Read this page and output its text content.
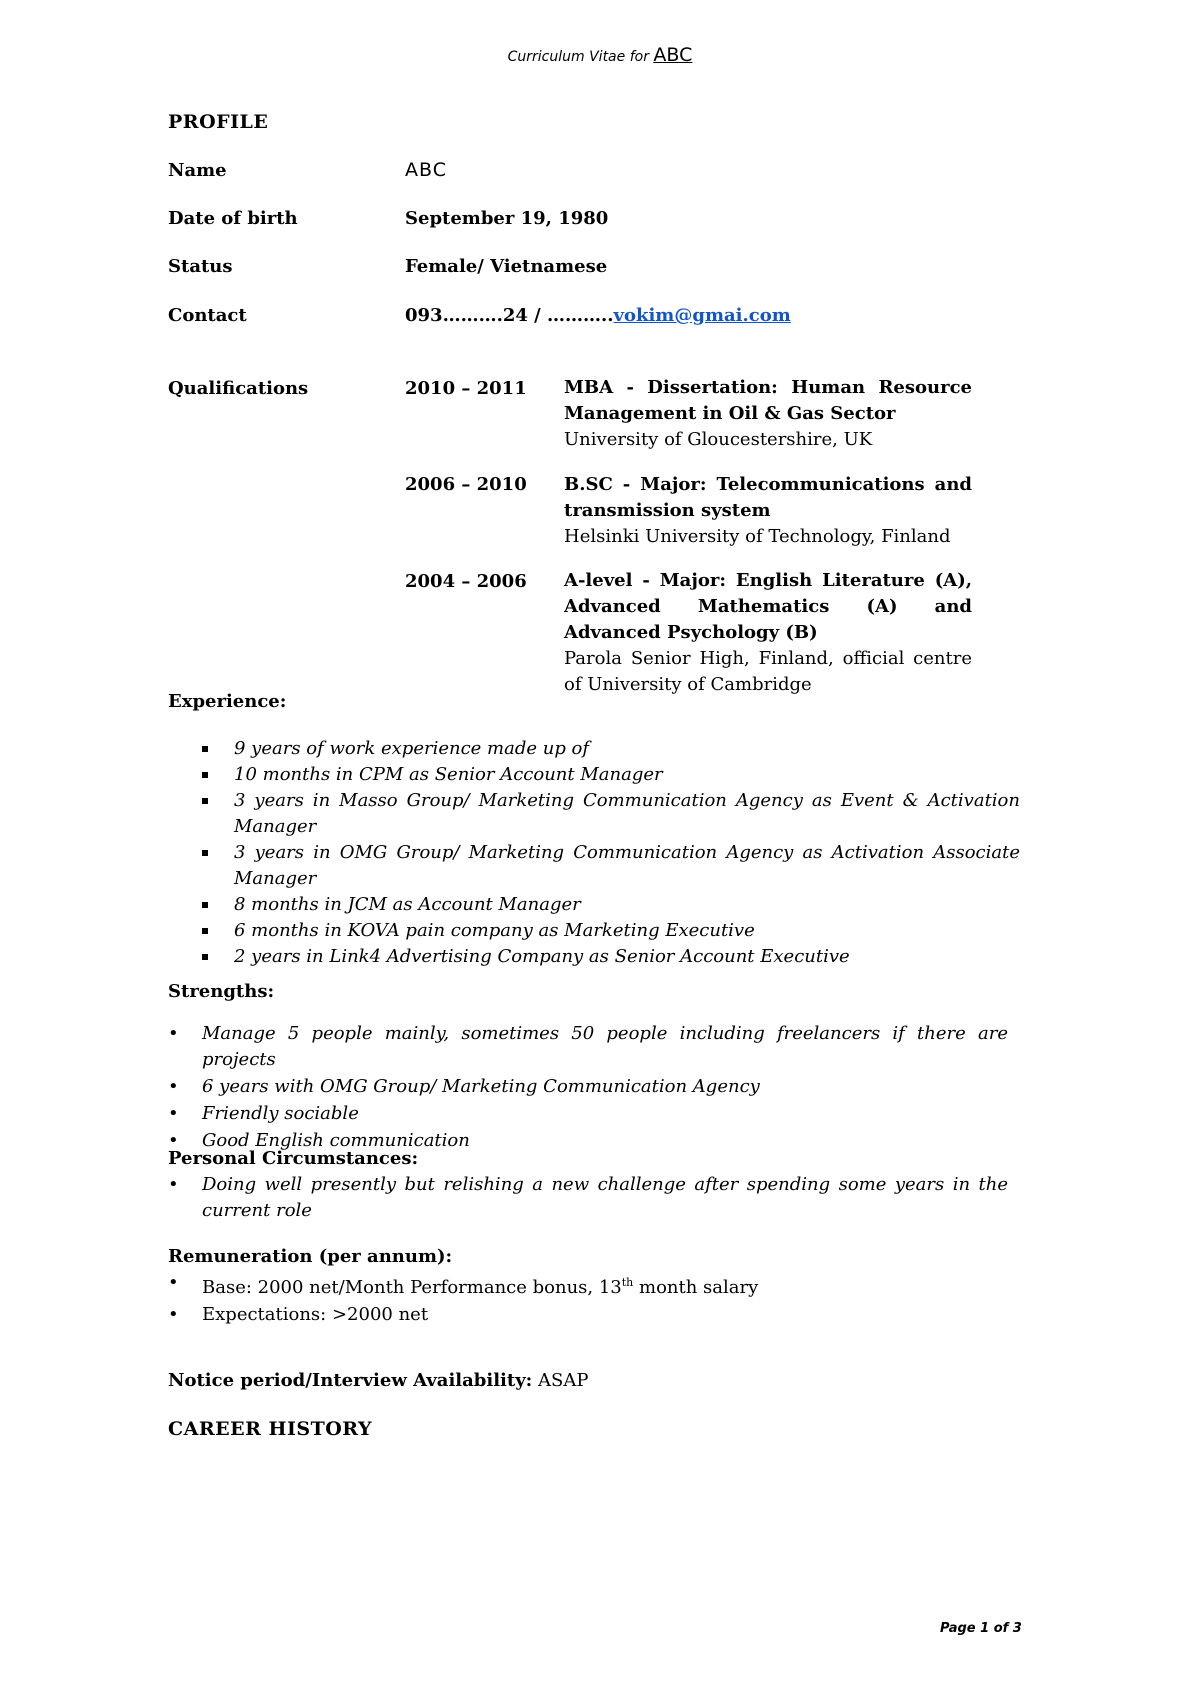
Curriculum Vitae for ABC
PROFILE
Name	ABC
Date of birth	September 19, 1980
Status	Female/ Vietnamese
Contact	093……….24 / ………..vokim@gmai.com
Qualifications	2010 – 2011 MBA - Dissertation: Human Resource Management in Oil & Gas Sector
University of Gloucestershire, UK
2006 – 2010 B.SC - Major: Telecommunications and transmission system
Helsinki University of Technology, Finland
2004 – 2006 A-level - Major: English Literature (A), Advanced Mathematics (A) and Advanced Psychology (B)
Parola Senior High, Finland, official centre of University of Cambridge
Experience:
9 years of work experience made up of
10 months in CPM as Senior Account Manager
3 years in Masso Group/ Marketing Communication Agency as Event & Activation Manager
3 years in OMG Group/ Marketing Communication Agency as Activation Associate Manager
8 months in JCM as Account Manager
6 months in KOVA pain company as Marketing Executive
2 years in Link4 Advertising Company as Senior Account Executive
Strengths:
• Manage 5 people mainly, sometimes 50 people including freelancers if there are projects
• 6 years with OMG Group/ Marketing Communication Agency
• Friendly sociable
• Good English communication
Personal Circumstances:
• Doing well presently but relishing a new challenge after spending some years in the current role
Remuneration (per annum):
• Base: 2000 net/Month Performance bonus, 13th month salary
• Expectations: >2000 net
Notice period/Interview Availability: ASAP
CAREER HISTORY
Page 1 of 3
